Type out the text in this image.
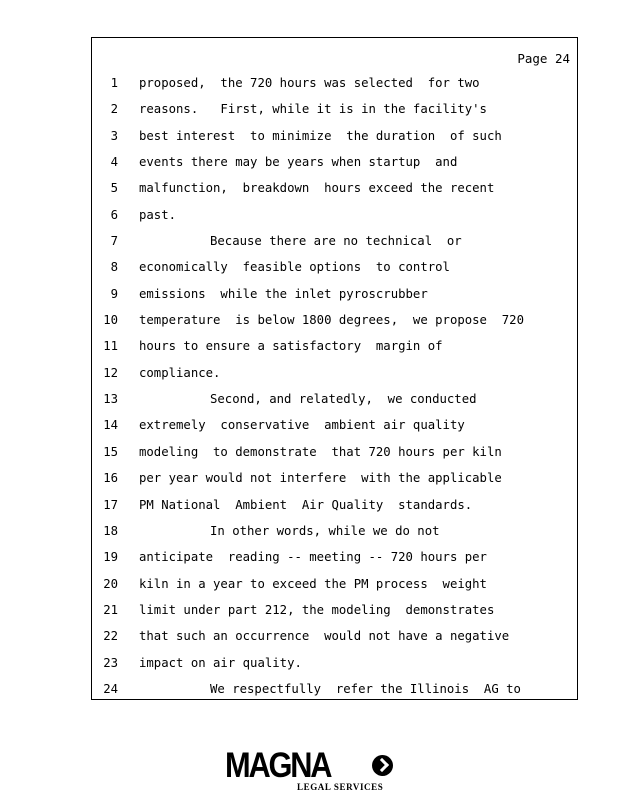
Page 24
1 proposed,  the 720 hours was selected  for two
2 reasons.   First, while it is in the facility's
3 best interest  to minimize  the duration  of such
4 events there may be years when startup  and
5 malfunction,  breakdown  hours exceed the recent
6 past.
7	Because there are no technical  or
8 economically  feasible options  to control
9 emissions  while the inlet pyroscrubber
10 temperature  is below 1800 degrees,  we propose  720
11 hours to ensure a satisfactory  margin of
12 compliance.
13	Second, and relatedly,  we conducted
14 extremely  conservative  ambient air quality
15 modeling  to demonstrate  that 720 hours per kiln
16 per year would not interfere  with the applicable
17 PM National  Ambient  Air Quality  standards.
18	In other words, while we do not
19 anticipate  reading -- meeting -- 720 hours per
20 kiln in a year to exceed the PM process  weight
21 limit under part 212, the modeling  demonstrates
22 that such an occurrence  would not have a negative
23 impact on air quality.
24	We respectfully  refer the Illinois  AG to
MAGNA
LEGAL SERVICES
